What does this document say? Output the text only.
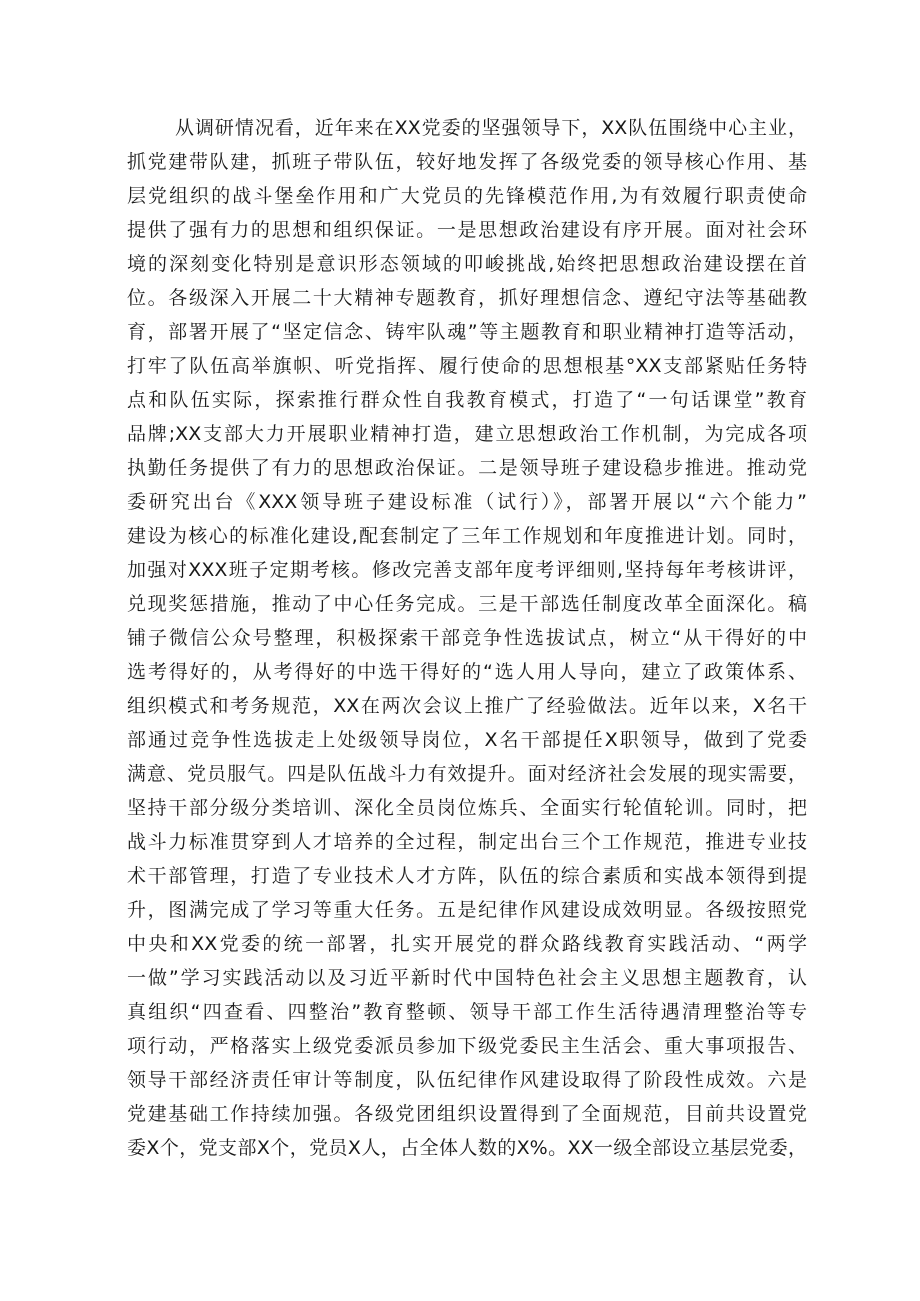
从调研情况看，近年来在XX党委的坚强领导下，XX队伍围绕中心主业，
抓党建带队建，抓班子带队伍，较好地发挥了各级党委的领导核心作用、基
层党组织的战斗堡垒作用和广大党员的先锋模范作用,为有效履行职责使命
提供了强有力的思想和组织保证。一是思想政治建设有序开展。面对社会环
境的深刻变化特别是意识形态领域的叩峻挑战,始终把思想政治建设摆在首
位。各级深入开展二十大精神专题教育，抓好理想信念、遵纪守法等基础教
育，部署开展了“坚定信念、铸牢队魂”等主题教育和职业精神打造等活动，
打牢了队伍高举旗帜、听党指挥、履行使命的思想根基°XX支部紧贴任务特
点和队伍实际，探索推行群众性自我教育模式，打造了“一句话课堂”教育
品牌;XX支部大力开展职业精神打造，建立思想政治工作机制，为完成各项
执勤任务提供了有力的思想政治保证。二是领导班子建设稳步推进。推动党
委研究出台《XXX领导班子建设标准（试行）》，部署开展以“六个能力”
建设为核心的标准化建设,配套制定了三年工作规划和年度推进计划。同时，
加强对XXX班子定期考核。修改完善支部年度考评细则,坚持每年考核讲评，
兑现奖惩措施，推动了中心任务完成。三是干部选任制度改革全面深化。稿
铺子微信公众号整理，积极探索干部竞争性选拔试点，树立“从干得好的中
选考得好的，从考得好的中选干得好的“选人用人导向，建立了政策体系、
组织模式和考务规范，XX在两次会议上推广了经验做法。近年以来，X名干
部通过竞争性选拔走上处级领导岗位，X名干部提任X职领导，做到了党委
满意、党员服气。四是队伍战斗力有效提升。面对经济社会发展的现实需要，
坚持干部分级分类培训、深化全员岗位炼兵、全面实行轮值轮训。同时，把
战斗力标准贯穿到人才培养的全过程，制定出台三个工作规范，推进专业技
术干部管理，打造了专业技术人才方阵，队伍的综合素质和实战本领得到提
升，图满完成了学习等重大任务。五是纪律作风建设成效明显。各级按照党
中央和XX党委的统一部署，扎实开展党的群众路线教育实践活动、“两学
一做”学习实践活动以及习近平新时代中国特色社会主义思想主题教育，认
真组织“四查看、四整治”教育整顿、领导干部工作生活待遇清理整治等专
项行动，严格落实上级党委派员参加下级党委民主生活会、重大事项报告、
领导干部经济责任审计等制度，队伍纪律作风建设取得了阶段性成效。六是
党建基础工作持续加强。各级党团组织设置得到了全面规范，目前共设置党
委X个，党支部X个，党员X人，占全体人数的X%。XX一级全部设立基层党委，
